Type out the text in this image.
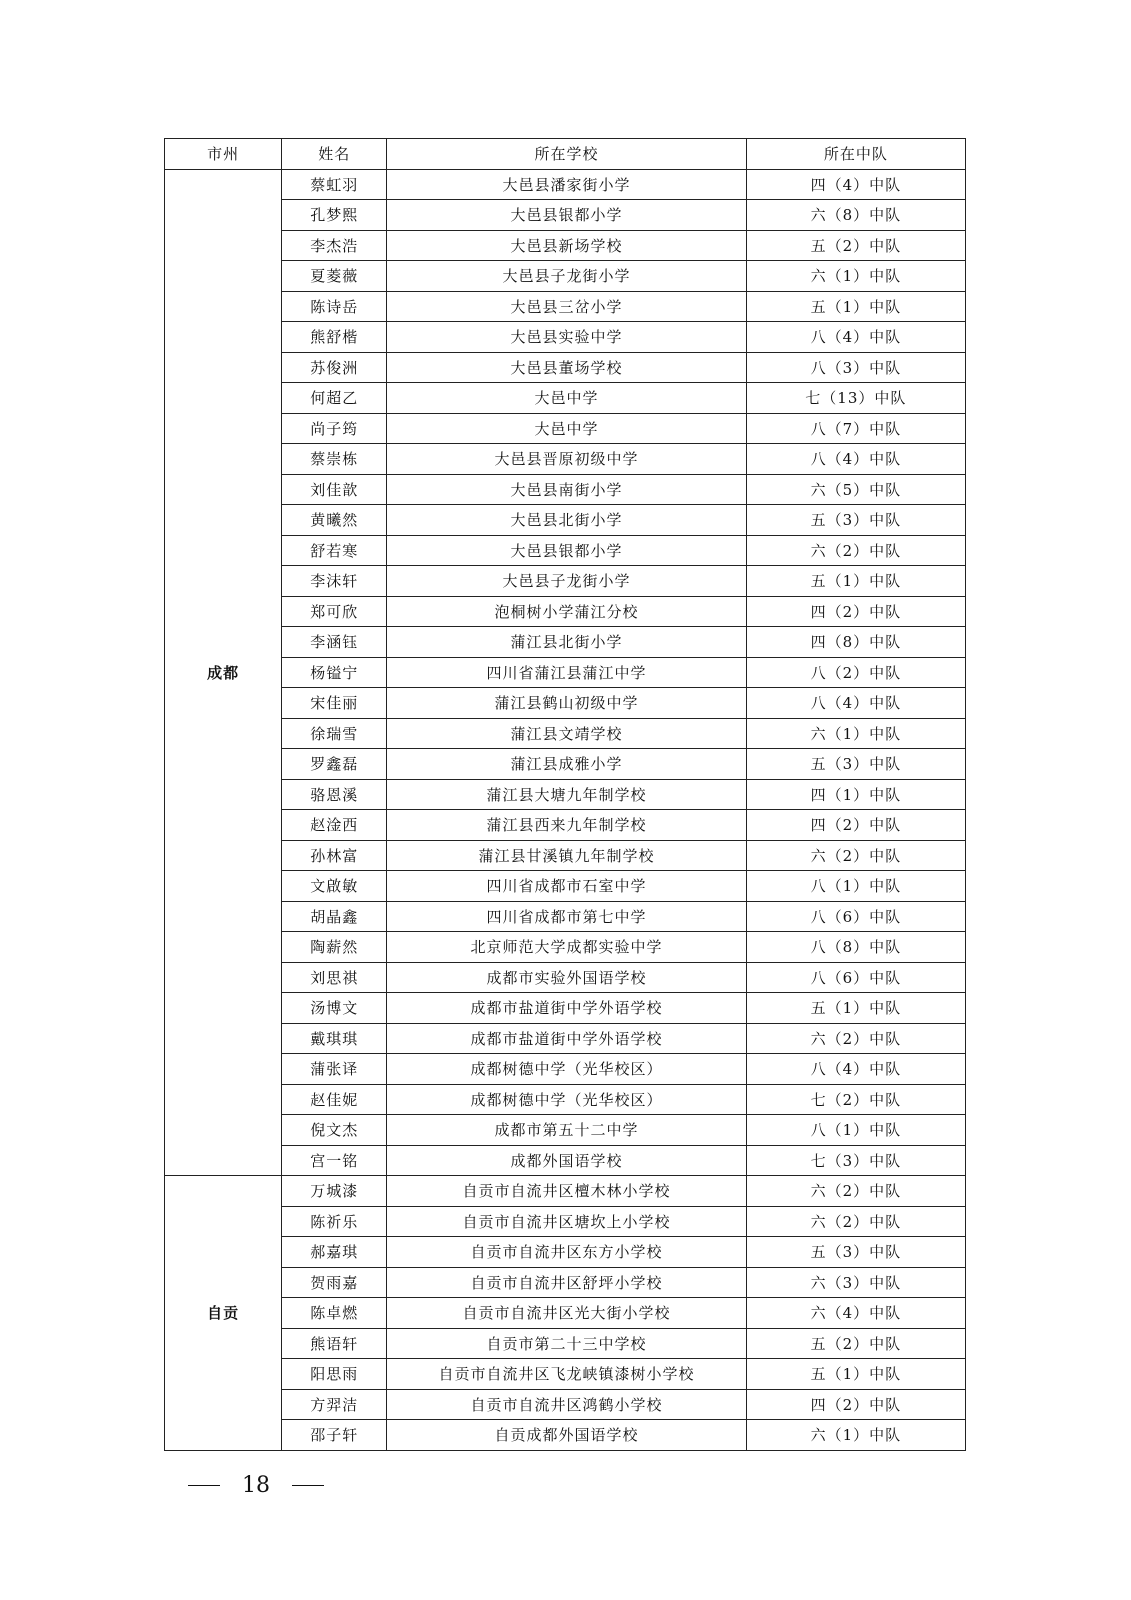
市州	姓名	所在学校	所在中队
成都	蔡虹羽	大邑县潘家街小学	四（4）中队
	孔梦熙	大邑县银都小学	六（8）中队
	李杰浩	大邑县新场学校	五（2）中队
	夏菱薇	大邑县子龙街小学	六（1）中队
	陈诗岳	大邑县三岔小学	五（1）中队
	熊舒楷	大邑县实验中学	八（4）中队
	苏俊洲	大邑县董场学校	八（3）中队
	何超乙	大邑中学	七（13）中队
	尚子筠	大邑中学	八（7）中队
	蔡崇栋	大邑县晋原初级中学	八（4）中队
	刘佳歆	大邑县南街小学	六（5）中队
	黄曦然	大邑县北街小学	五（3）中队
	舒若寒	大邑县银都小学	六（2）中队
	李沫轩	大邑县子龙街小学	五（1）中队
	郑可欣	泡桐树小学蒲江分校	四（2）中队
	李涵钰	蒲江县北街小学	四（8）中队
	杨镒宁	四川省蒲江县蒲江中学	八（2）中队
	宋佳丽	蒲江县鹤山初级中学	八（4）中队
	徐瑞雪	蒲江县文靖学校	六（1）中队
	罗鑫磊	蒲江县成雅小学	五（3）中队
	骆恩溪	蒲江县大塘九年制学校	四（1）中队
	赵淦西	蒲江县西来九年制学校	四（2）中队
	孙林富	蒲江县甘溪镇九年制学校	六（2）中队
	文啟敏	四川省成都市石室中学	八（1）中队
	胡晶鑫	四川省成都市第七中学	八（6）中队
	陶薪然	北京师范大学成都实验中学	八（8）中队
	刘思祺	成都市实验外国语学校	八（6）中队
	汤博文	成都市盐道街中学外语学校	五（1）中队
	戴琪琪	成都市盐道街中学外语学校	六（2）中队
	蒲张译	成都树德中学（光华校区）	八（4）中队
	赵佳妮	成都树德中学（光华校区）	七（2）中队
	倪文杰	成都市第五十二中学	八（1）中队
	宫一铭	成都外国语学校	七（3）中队
自贡	万城漆	自贡市自流井区檀木林小学校	六（2）中队
	陈祈乐	自贡市自流井区塘坎上小学校	六（2）中队
	郝嘉琪	自贡市自流井区东方小学校	五（3）中队
	贺雨嘉	自贡市自流井区舒坪小学校	六（3）中队
	陈卓燃	自贡市自流井区光大街小学校	六（4）中队
	熊语轩	自贡市第二十三中学校	五（2）中队
	阳思雨	自贡市自流井区飞龙峡镇漆树小学校	五（1）中队
	方羿洁	自贡市自流井区鸿鹤小学校	四（2）中队
	邵子轩	自贡成都外国语学校	六（1）中队
18
